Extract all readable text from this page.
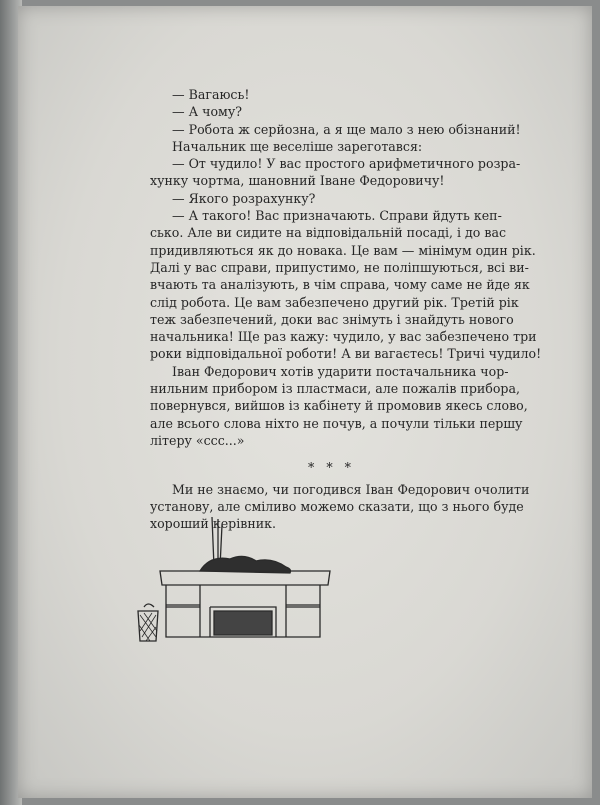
— Вагаюсь!
— А чому?
— Робота ж серйозна, а я ще мало з нею обізнаний!
Начальник ще веселіше зареготався:
— От чудило! У вас простого арифметичного розра-
хунку чортма, шановний Іване Федоровичу!
— Якого розрахунку?
— А такого! Вас призначають. Справи йдуть кеп-
сько. Але ви сидите на відповідальній посаді, і до вас
придивляються як до новака. Це вам — мінімум один рік.
Далі у вас справи, припустимо, не поліпшуються, всі ви-
вчають та аналізують, в чім справа, чому саме не йде як
слід робота. Це вам забезпечено другий рік. Третій рік
теж забезпечений, доки вас знімуть і знайдуть нового
начальника! Ще раз кажу: чудило, у вас забезпечено три
роки відповідальної роботи! А ви вагаєтесь! Тричі чудило!
Іван Федорович хотів ударити постачальника чор-
нильним прибором із пластмаси, але пожалів прибора,
повернувся, вийшов із кабінету й промовив якесь слово,
але всього слова ніхто не почув, а почули тільки першу
літеру «ссс...»
* * *
Ми не знаємо, чи погодився Іван Федорович очолити
установу, але сміливо можемо сказати, що з нього буде
хороший керівник.
